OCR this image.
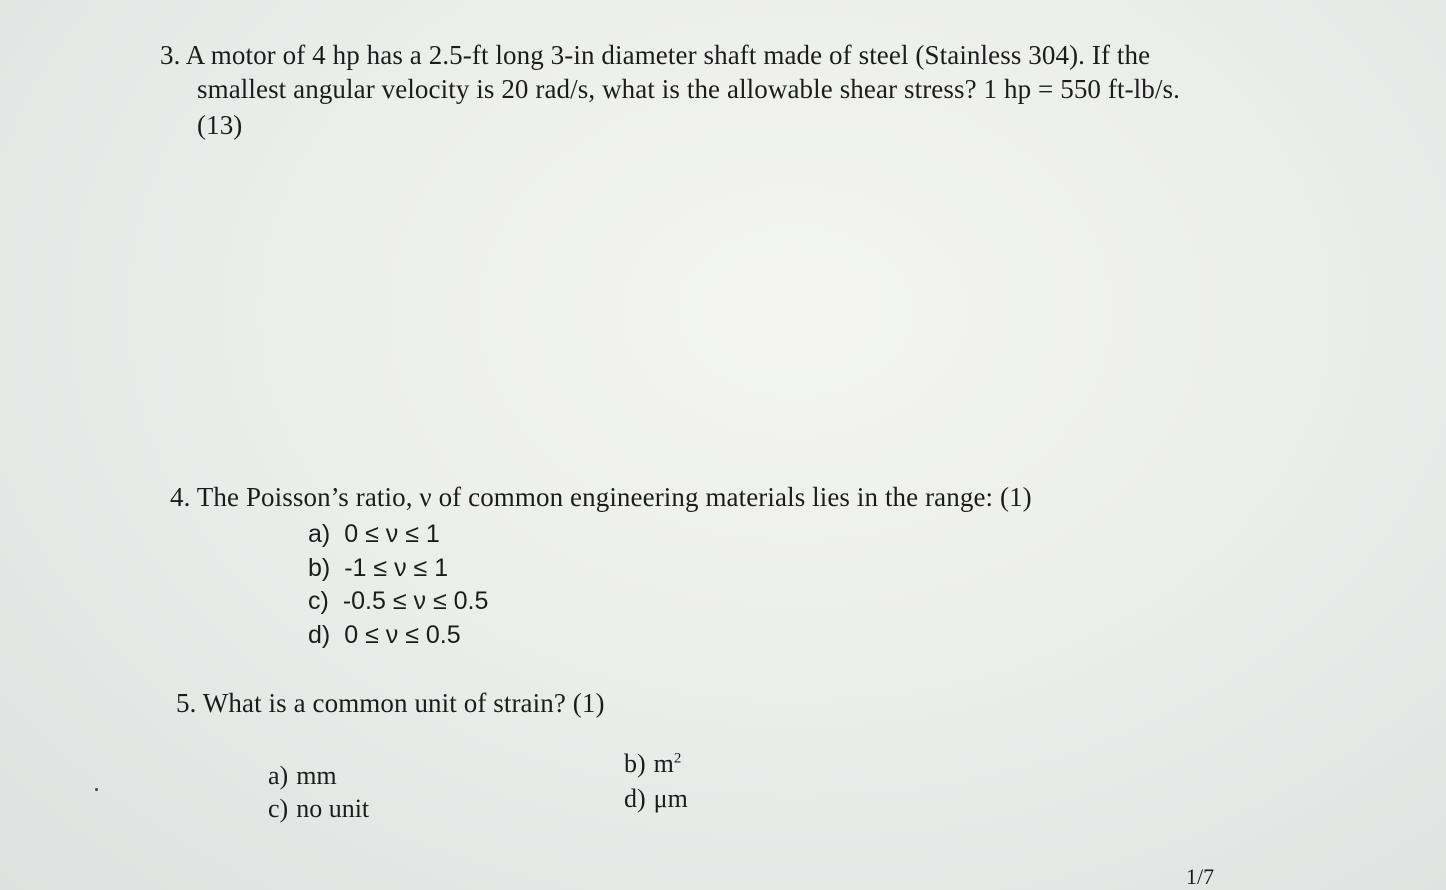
3. A motor of 4 hp has a 2.5-ft long 3-in diameter shaft made of steel (Stainless 304). If the
smallest angular velocity is 20 rad/s, what is the allowable shear stress? 1 hp = 550 ft-lb/s.
(13)
4. The Poisson’s ratio, ν of common engineering materials lies in the range: (1)
a) 0 ≤ ν ≤ 1
b) -1 ≤ ν ≤ 1
c) -0.5 ≤ ν ≤ 0.5
d) 0 ≤ ν ≤ 0.5
5. What is a common unit of strain? (1)
a) mm	b) $m^2$
c) no unit	d) μm
1/7
